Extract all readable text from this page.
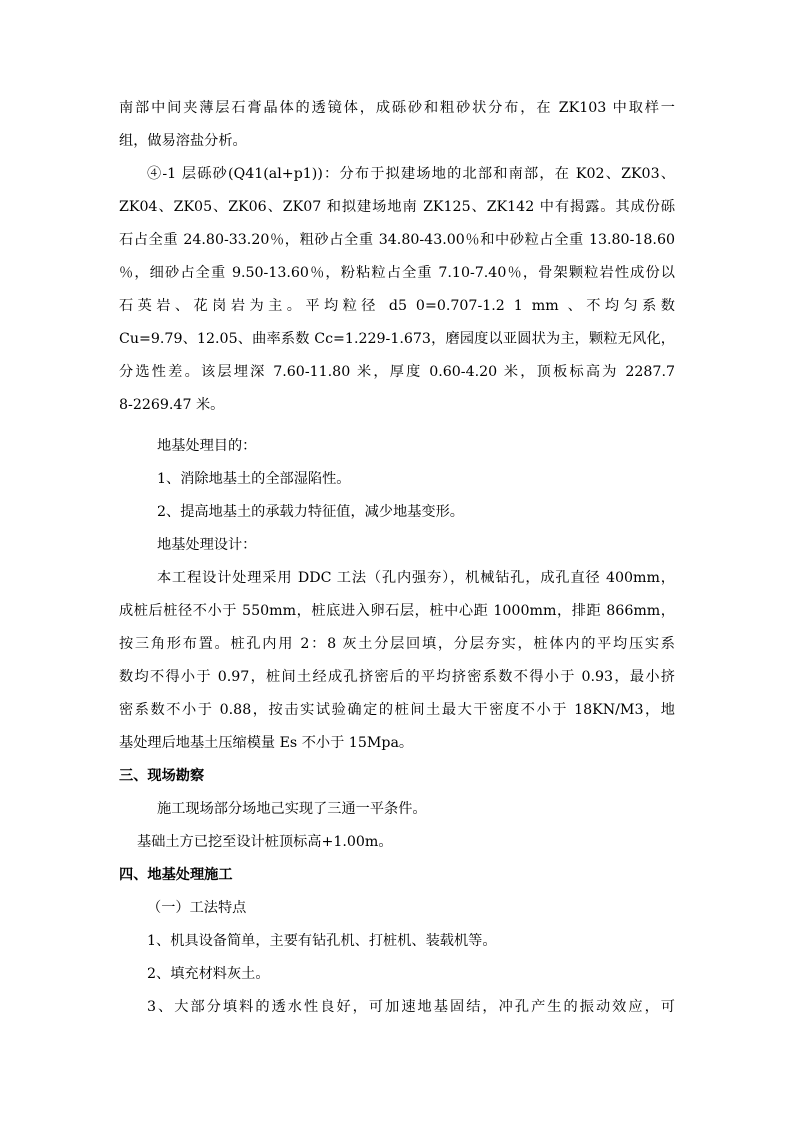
南部中间夹薄层石膏晶体的透镜体，成砾砂和粗砂状分布，在 ZK103 中取样一
组，做易溶盐分析。
④-1 层砾砂(Q41(al+p1))：分布于拟建场地的北部和南部，在 K02、ZK03、
ZK04、ZK05、ZK06、ZK07 和拟建场地南 ZK125、ZK142 中有揭露。其成份砾
石占全重 24.80-33.20％，粗砂占全重 34.80-43.00％和中砂粒占全重 13.80-18.60
％，细砂占全重 9.50-13.60％，粉粘粒占全重 7.10-7.40％，骨架颗粒岩性成份以
石英岩、花岗岩为主。平均粒径 d5 0=0.707-1.2 1 mm 、不均匀系数
Cu=9.79、12.05、曲率系数 Cc=1.229-1.673，磨园度以亚圆状为主，颗粒无风化，
分选性差。该层埋深 7.60-11.80 米，厚度 0.60-4.20 米，顶板标高为 2287.7
8-2269.47 米。
地基处理目的：
1、消除地基土的全部湿陷性。
2、提高地基土的承载力特征值，减少地基变形。
地基处理设计：
本工程设计处理采用 DDC 工法（孔内强夯），机械钻孔，成孔直径 400mm，
成桩后桩径不小于 550mm，桩底进入卵石层，桩中心距 1000mm，排距 866mm，
按三角形布置。桩孔内用 2：8 灰土分层回填，分层夯实，桩体内的平均压实系
数均不得小于 0.97，桩间土经成孔挤密后的平均挤密系数不得小于 0.93，最小挤
密系数不小于 0.88，按击实试验确定的桩间土最大干密度不小于 18KN/M3，地
基处理后地基土压缩模量 Es 不小于 15Mpa。
三、现场勘察
施工现场部分场地己实现了三通一平条件。
基础土方已挖至设计桩顶标高+1.00m。
四、地基处理施工
（一）工法特点
1、机具设备简单，主要有钻孔机、打桩机、装载机等。
2、填充材料灰土。
3、大部分填料的透水性良好，可加速地基固结，冲孔产生的振动效应，可
